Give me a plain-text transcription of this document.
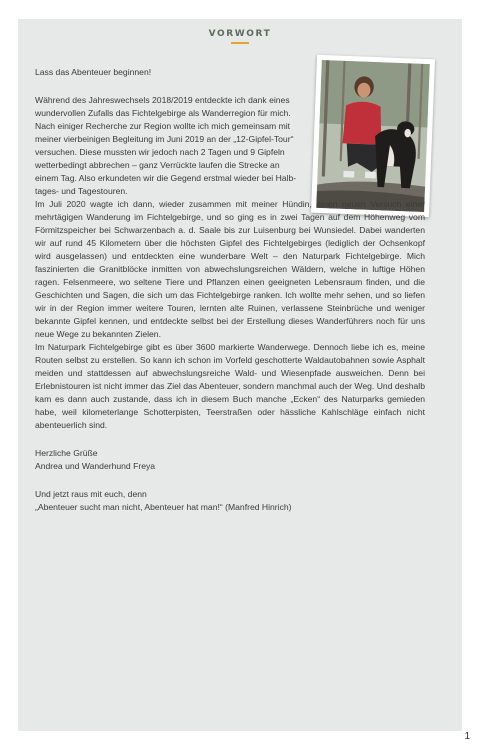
VORWORT

Lass das Abenteuer beginnen!

Während des Jahreswechsels 2018/2019 entdeckte ich dank eines
wundervollen Zufalls das Fichtelgebirge als Wanderregion für mich.
Nach einiger Recherche zur Region wollte ich mich gemeinsam mit
meiner vierbeinigen Begleitung im Juni 2019 an der „12-Gipfel-Tour“
versuchen. Diese mussten wir jedoch nach 2 Tagen und 9 Gipfeln
wetterbedingt abbrechen – ganz Verrückte laufen die Strecke an
einem Tag. Also erkundeten wir die Gegend erstmal wieder bei Halb-
tages- und Tagestouren.

Im Juli 2020 wagte ich dann, wieder zusammen mit meiner Hündin, einen neuen Versuch einer mehrtägigen Wanderung im Fichtelgebirge, und so ging es in zwei Tagen auf dem Höhenweg vom Förmitzspeicher bei Schwarzenbach a. d. Saale bis zur Luisenburg bei Wunsiedel. Dabei wanderten wir auf rund 45 Kilometern über die höchsten Gipfel des Fichtelgebirges (lediglich der Ochsenkopf wird ausgelassen) und entdeckten eine wunderbare Welt – den Naturpark Fichtelgebirge. Mich faszinierten die Granitblöcke inmitten von abwechslungsreichen Wäldern, welche in luftige Höhen ragen. Felsenmeere, wo seltene Tiere und Pflanzen einen geeigneten Lebensraum finden, und die Geschichten und Sagen, die sich um das Fichtelgebirge ranken. Ich wollte mehr sehen, und so liefen wir in der Region immer weitere Touren, lernten alte Ruinen, verlassene Steinbrüche und weniger bekannte Gipfel kennen, und entdeckte selbst bei der Erstellung dieses Wanderführers noch für uns neue Wege zu bekannten Zielen.

Im Naturpark Fichtelgebirge gibt es über 3600 markierte Wanderwege. Dennoch liebe ich es, meine Routen selbst zu erstellen. So kann ich schon im Vorfeld geschotterte Waldautobahnen sowie Asphalt meiden und stattdessen auf abwechslungsreiche Wald- und Wiesenpfade ausweichen. Denn bei Erlebnistouren ist nicht immer das Ziel das Abenteuer, sondern manchmal auch der Weg. Und deshalb kam es dann auch zustande, dass ich in diesem Buch manche „Ecken“ des Naturparks gemieden habe, weil kilometerlange Schotterpisten, Teerstraßen oder hässliche Kahlschläge einfach nicht abenteuerlich sind.

Herzliche Grüße

Andrea und Wanderhund Freya

Und jetzt raus mit euch, denn

„Abenteuer sucht man nicht, Abenteuer hat man!“ (Manfred Hinrich)

1
